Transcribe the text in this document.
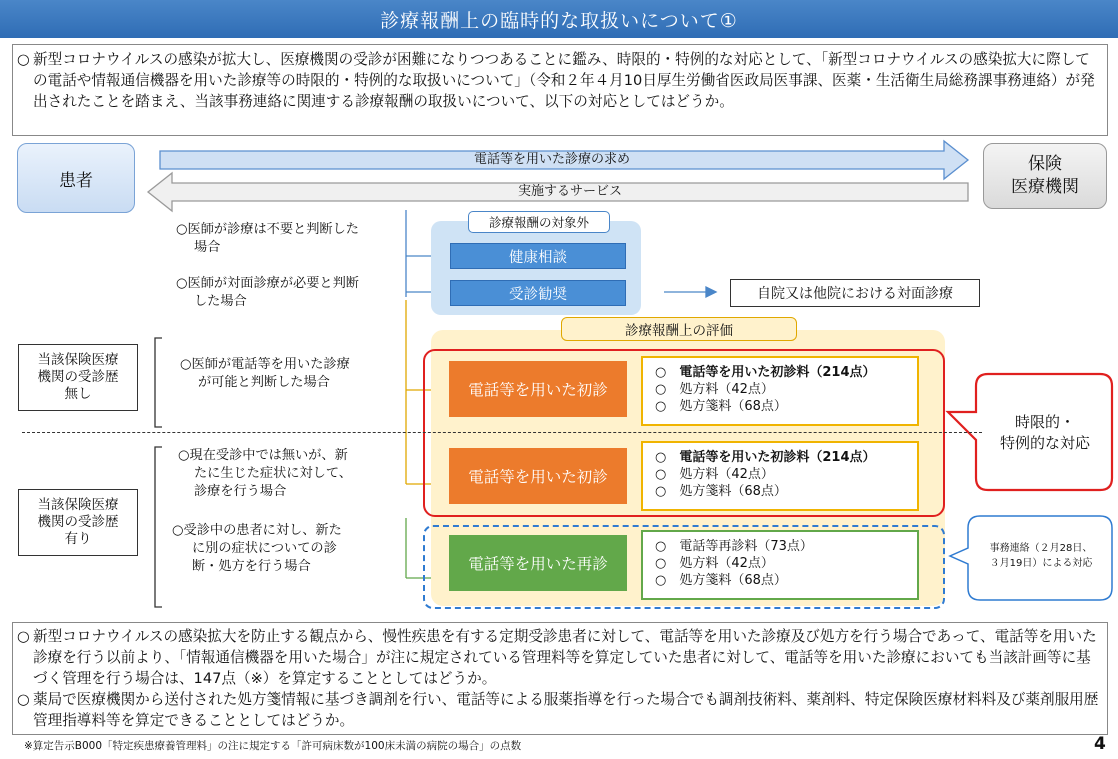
診療報酬上の臨時的な取扱いについて①
○ 新型コロナウイルスの感染が拡大し、医療機関の受診が困難になりつつあることに鑑み、時限的・特例的な対応として、「新型コロナウイルスの感染拡大に際しての電話や情報通信機器を用いた診療等の時限的・特例的な取扱いについて」（令和２年４月10日厚生労働省医政局医事課、医薬・生活衛生局総務課事務連絡）が発出されたことを踏まえ、当該事務連絡に関連する診療報酬の取扱いについて、以下の対応としてはどうか。
患者
保険
医療機関
電話等を用いた診療の求め
実施するサービス
診療報酬の対象外
健康相談
受診勧奨	自院又は他院における対面診療
○医師が診療は不要と判断した
場合
○医師が対面診療が必要と判断
した場合
診療報酬上の評価
電話等を用いた初診
○　 電話等を用いた初診料（214点）
○　 処方料（42点）
○　 処方箋料（68点）
電話等を用いた初診
○　 電話等を用いた初診料（214点）
○　 処方料（42点）
○　 処方箋料（68点）
電話等を用いた再診
○　 電話等再診料（73点）
○　 処方料（42点）
○　 処方箋料（68点）
○医師が電話等を用いた診療
が可能と判断した場合
○現在受診中では無いが、新
たに生じた症状に対して、
診療を行う場合
○受診中の患者に対し、新た
に別の症状についての診
断・処方を行う場合
当該保険医療
機関の受診歴
無し
当該保険医療
機関の受診歴
有り
時限的・
特例的な対応
事務連絡（２月28日、
３月19日）による対応
○ 新型コロナウイルスの感染拡大を防止する観点から、慢性疾患を有する定期受診患者に対して、電話等を用いた診療及び処方を行う場合であって、電話等を用いた診療を行う以前より、「情報通信機器を用いた場合」が注に規定されている管理料等を算定していた患者に対して、電話等を用いた診療においても当該計画等に基づく管理を行う場合は、147点（※）を算定することとしてはどうか。
○ 薬局で医療機関から送付された処方箋情報に基づき調剤を行い、電話等による服薬指導を行った場合でも調剤技術料、薬剤料、特定保険医療材料料及び薬剤服用歴管理指導料等を算定できることとしてはどうか。
※算定告示B000「特定疾患療養管理料」の注に規定する「許可病床数が100床未満の病院の場合」の点数	4
